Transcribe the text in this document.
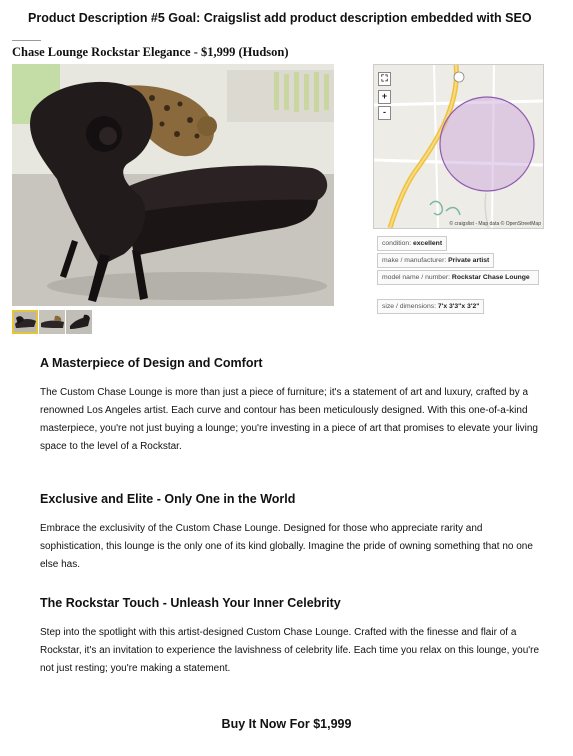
Product Description #5 Goal: Craigslist add product description embedded with SEO
Chase Lounge Rockstar Elegance - $1,999 (Hudson)
⛶
+
-
© craigslist - Map data © OpenStreetMap
condition: excellent
make / manufacturer: Private artist
model name / number: Rockstar Chase Lounge
size / dimensions: 7'x 3'3"x 3'2"
A Masterpiece of Design and Comfort

The Custom Chase Lounge is more than just a piece of furniture; it's a statement of art and luxury, crafted by a renowned Los Angeles artist. Each curve and contour has been meticulously designed. With this one-of-a-kind masterpiece, you're not just buying a lounge; you're investing in a piece of art that promises to elevate your living space to the level of a Rockstar.

Exclusive and Elite - Only One in the World

Embrace the exclusivity of the Custom Chase Lounge. Designed for those who appreciate rarity and sophistication, this lounge is the only one of its kind globally. Imagine the pride of owning something that no one else has.

The Rockstar Touch - Unleash Your Inner Celebrity

Step into the spotlight with this artist-designed Custom Chase Lounge. Crafted with the finesse and flair of a Rockstar, it's an invitation to experience the lavishness of celebrity life. Each time you relax on this lounge, you're not just resting; you're making a statement.

Buy It Now For $1,999
